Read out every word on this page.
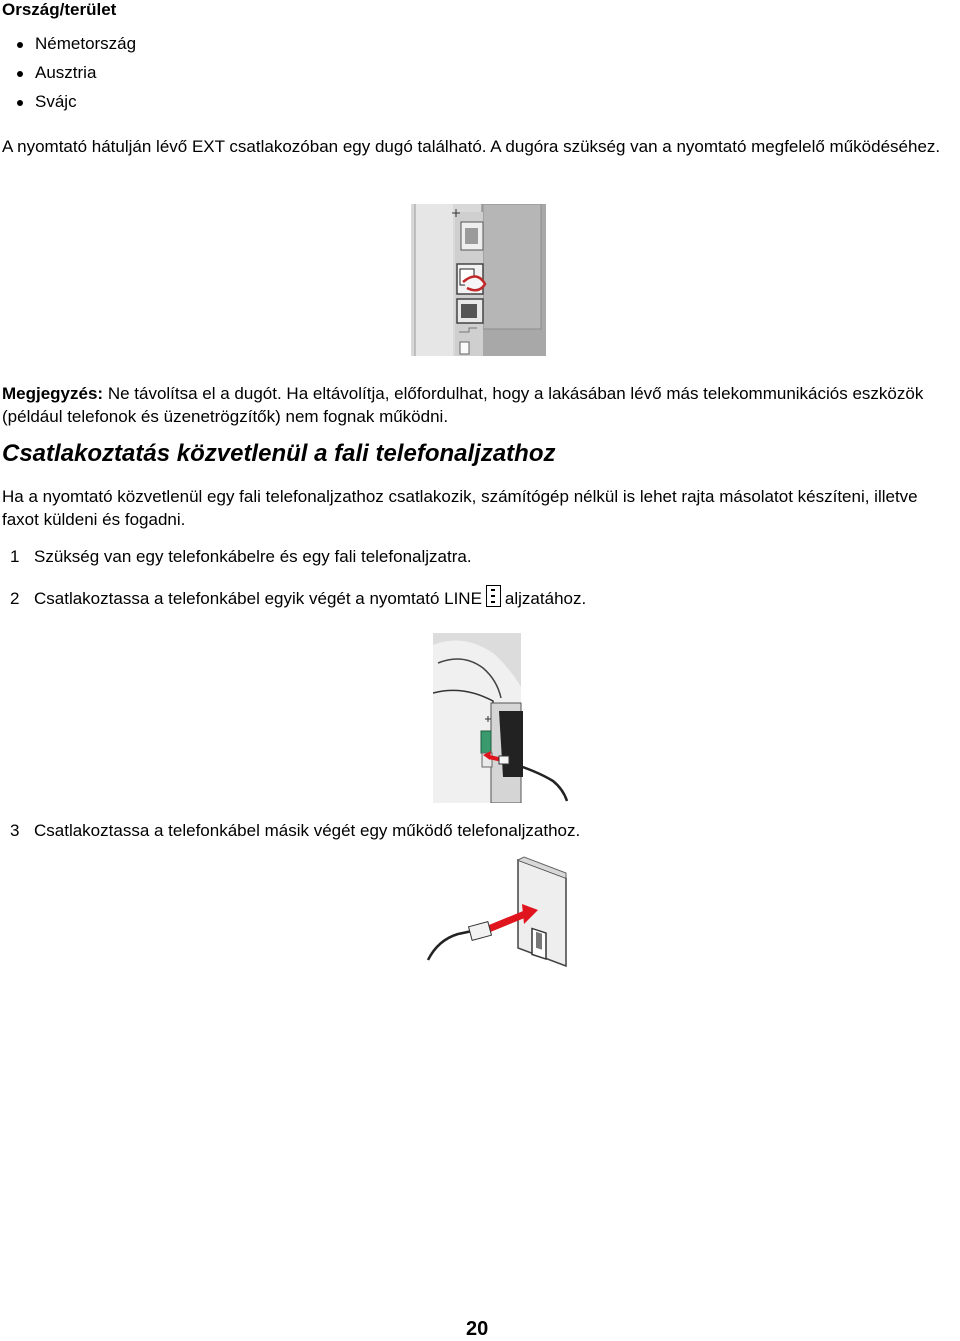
Ország/terület
Németország
Ausztria
Svájc
A nyomtató hátulján lévő EXT csatlakozóban egy dugó található. A dugóra szükség van a nyomtató megfelelő működéséhez.
Megjegyzés: Ne távolítsa el a dugót. Ha eltávolítja, előfordulhat, hogy a lakásában lévő más telekommunikációs eszközök (például telefonok és üzenetrögzítők) nem fognak működni.
Csatlakoztatás közvetlenül a fali telefonaljzathoz
Ha a nyomtató közvetlenül egy fali telefonaljzathoz csatlakozik, számítógép nélkül is lehet rajta másolatot készíteni, illetve faxot küldeni és fogadni.
1 Szükség van egy telefonkábelre és egy fali telefonaljzatra.
2 Csatlakoztassa a telefonkábel egyik végét a nyomtató LINE aljzatához.
3 Csatlakoztassa a telefonkábel másik végét egy működő telefonaljzathoz.
20
